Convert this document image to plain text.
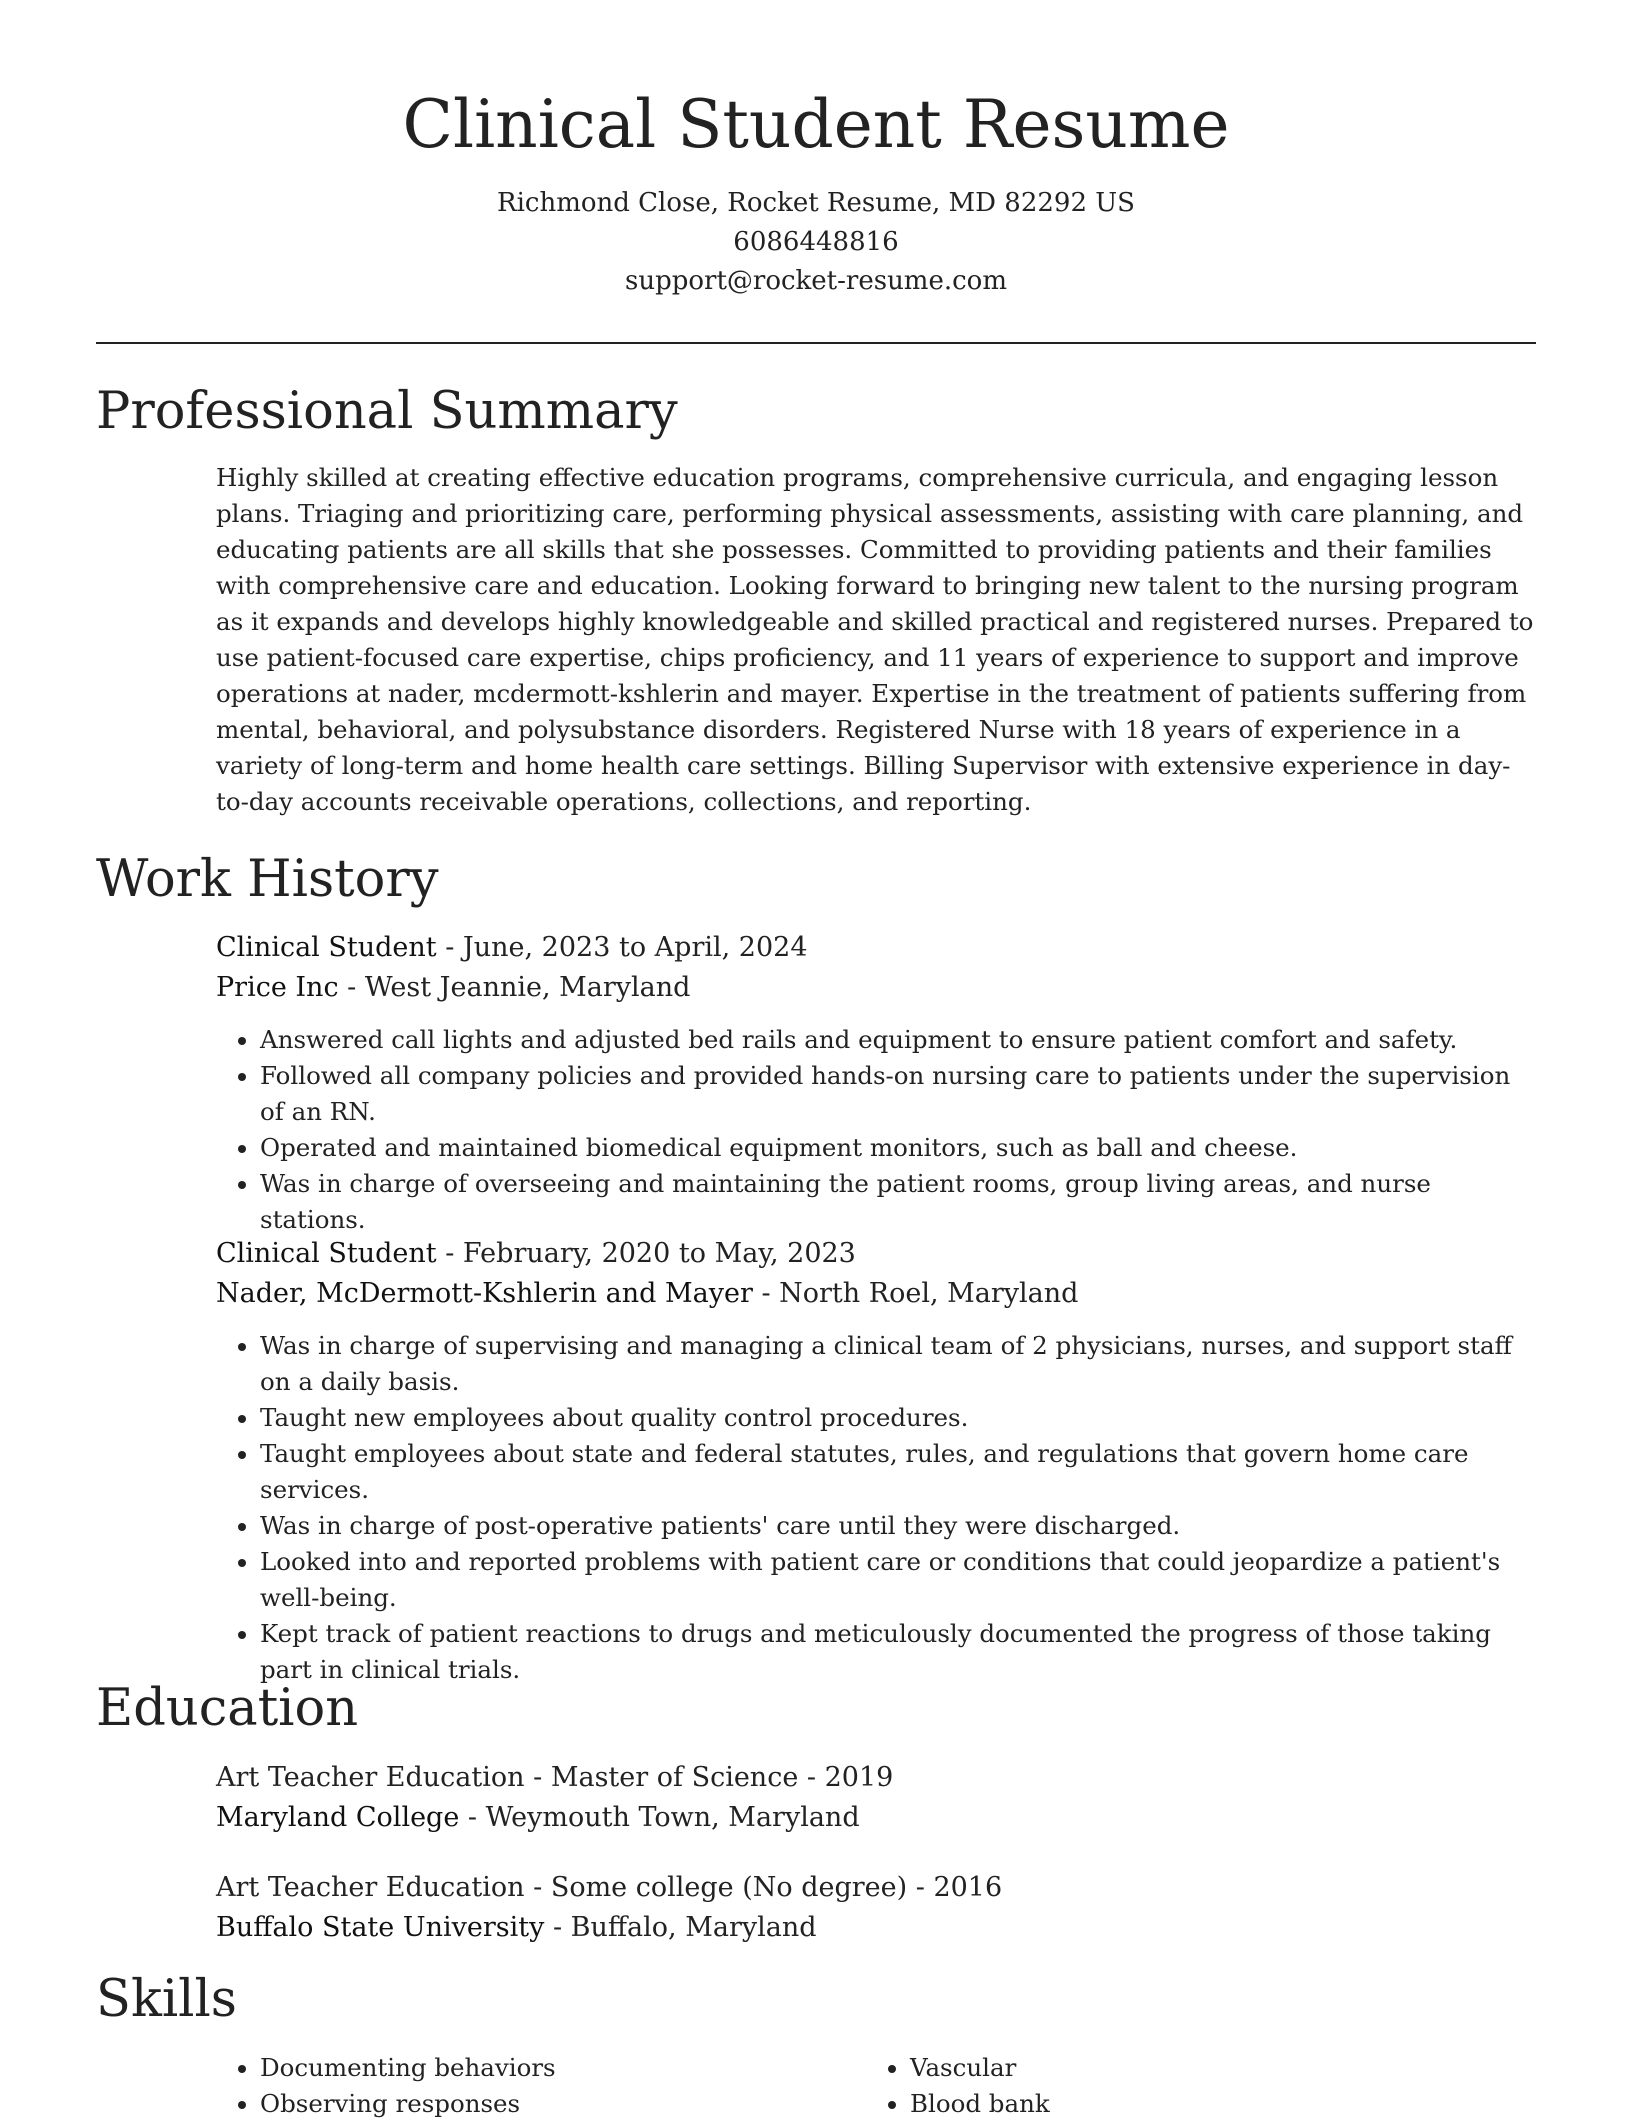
Clinical Student Resume
Richmond Close, Rocket Resume, MD 82292 US
6086448816
support@rocket-resume.com
Professional Summary

Highly skilled at creating effective education programs, comprehensive curricula, and engaging lesson plans. Triaging and prioritizing care, performing physical assessments, assisting with care planning, and educating patients are all skills that she possesses. Committed to providing patients and their families with comprehensive care and education. Looking forward to bringing new talent to the nursing program as it expands and develops highly knowledgeable and skilled practical and registered nurses. Prepared to use patient-focused care expertise, chips proficiency, and 11 years of experience to support and improve operations at nader, mcdermott-kshlerin and mayer. Expertise in the treatment of patients suffering from mental, behavioral, and polysubstance disorders. Registered Nurse with 18 years of experience in a variety of long-term and home health care settings. Billing Supervisor with extensive experience in day-to-day accounts receivable operations, collections, and reporting.

Work History

Clinical Student - June, 2023 to April, 2024

Price Inc - West Jeannie, Maryland

• Answered call lights and adjusted bed rails and equipment to ensure patient comfort and safety.
• Followed all company policies and provided hands-on nursing care to patients under the supervision of an RN.
• Operated and maintained biomedical equipment monitors, such as ball and cheese.
• Was in charge of overseeing and maintaining the patient rooms, group living areas, and nurse stations.

Clinical Student - February, 2020 to May, 2023

Nader, McDermott-Kshlerin and Mayer - North Roel, Maryland

• Was in charge of supervising and managing a clinical team of 2 physicians, nurses, and support staff on a daily basis.
• Taught new employees about quality control procedures.
• Taught employees about state and federal statutes, rules, and regulations that govern home care services.
• Was in charge of post-operative patients' care until they were discharged.
• Looked into and reported problems with patient care or conditions that could jeopardize a patient's well-being.
• Kept track of patient reactions to drugs and meticulously documented the progress of those taking part in clinical trials.
Education

Art Teacher Education - Master of Science - 2019

Maryland College - Weymouth Town, Maryland

Art Teacher Education - Some college (No degree) - 2016

Buffalo State University - Buffalo, Maryland

Skills
• Documenting behaviors
• Observing responses
• Vascular
• Blood bank
